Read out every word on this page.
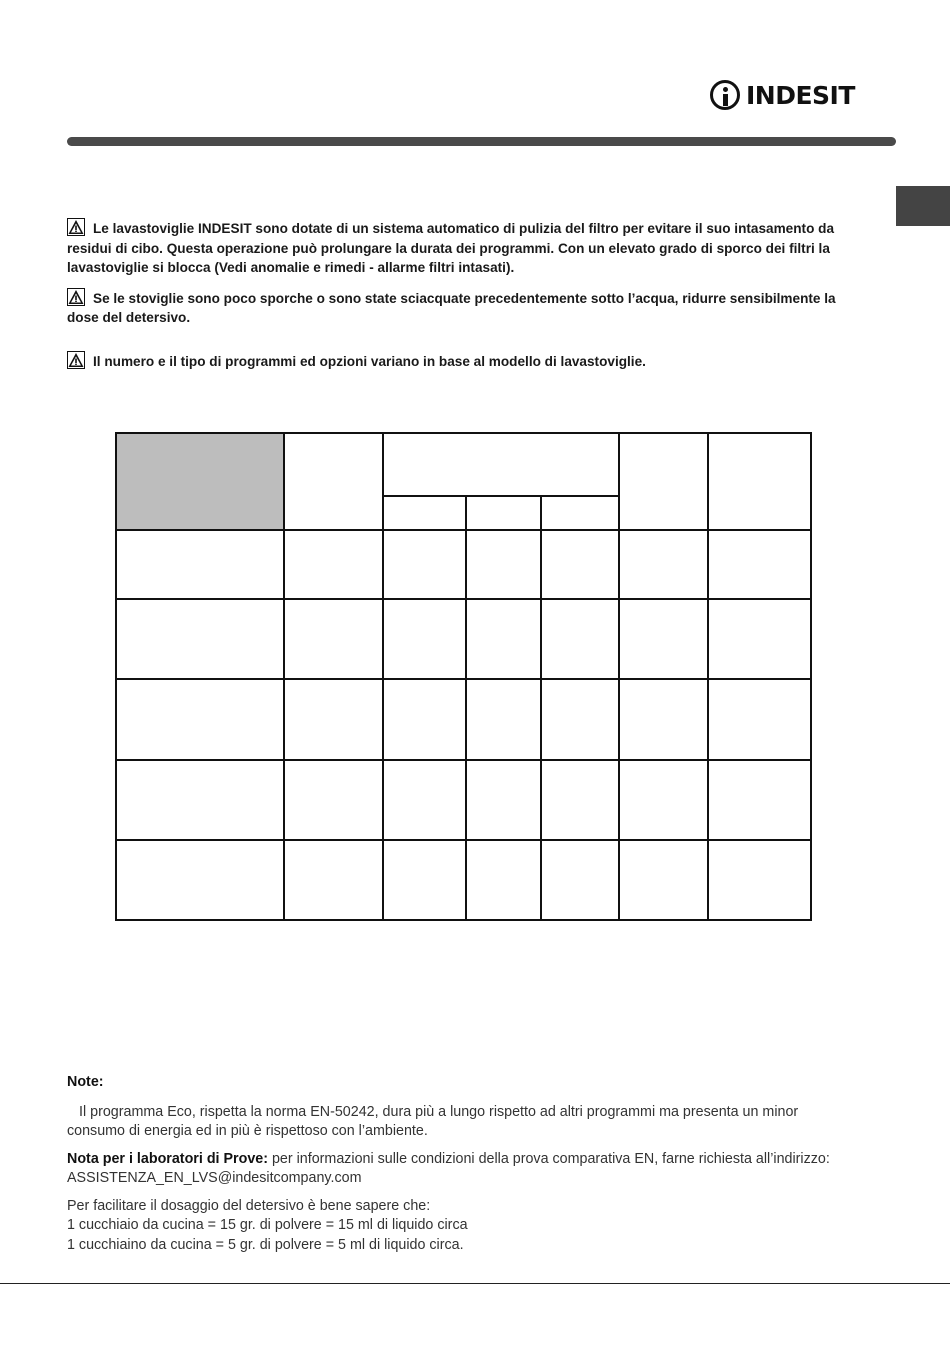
INDESIT

Le lavastoviglie INDESIT sono dotate di un sistema automatico di pulizia del filtro per evitare il suo intasamento da residui di cibo. Questa operazione può prolungare la durata dei programmi. Con un elevato grado di sporco dei filtri la lavastoviglie si blocca (Vedi anomalie e rimedi - allarme filtri intasati).

Se le stoviglie sono poco sporche o sono state sciacquate precedentemente sotto l’acqua, ridurre sensibilmente la dose del detersivo.

Il numero e il tipo di programmi ed opzioni variano in base al modello di lavastoviglie.

Note:

Il programma Eco, rispetta la norma EN-50242, dura più a lungo rispetto ad altri programmi ma presenta un minor consumo di energia ed in più è rispettoso con l’ambiente.

Nota per i laboratori di Prove: per informazioni sulle condizioni della prova comparativa EN, farne richiesta all’indirizzo: ASSISTENZA_EN_LVS@indesitcompany.com

Per facilitare il dosaggio del detersivo è bene sapere che:

1 cucchiaio da cucina = 15 gr. di polvere = 15 ml di liquido circa

1 cucchiaino da cucina = 5 gr. di polvere = 5 ml di liquido circa.
